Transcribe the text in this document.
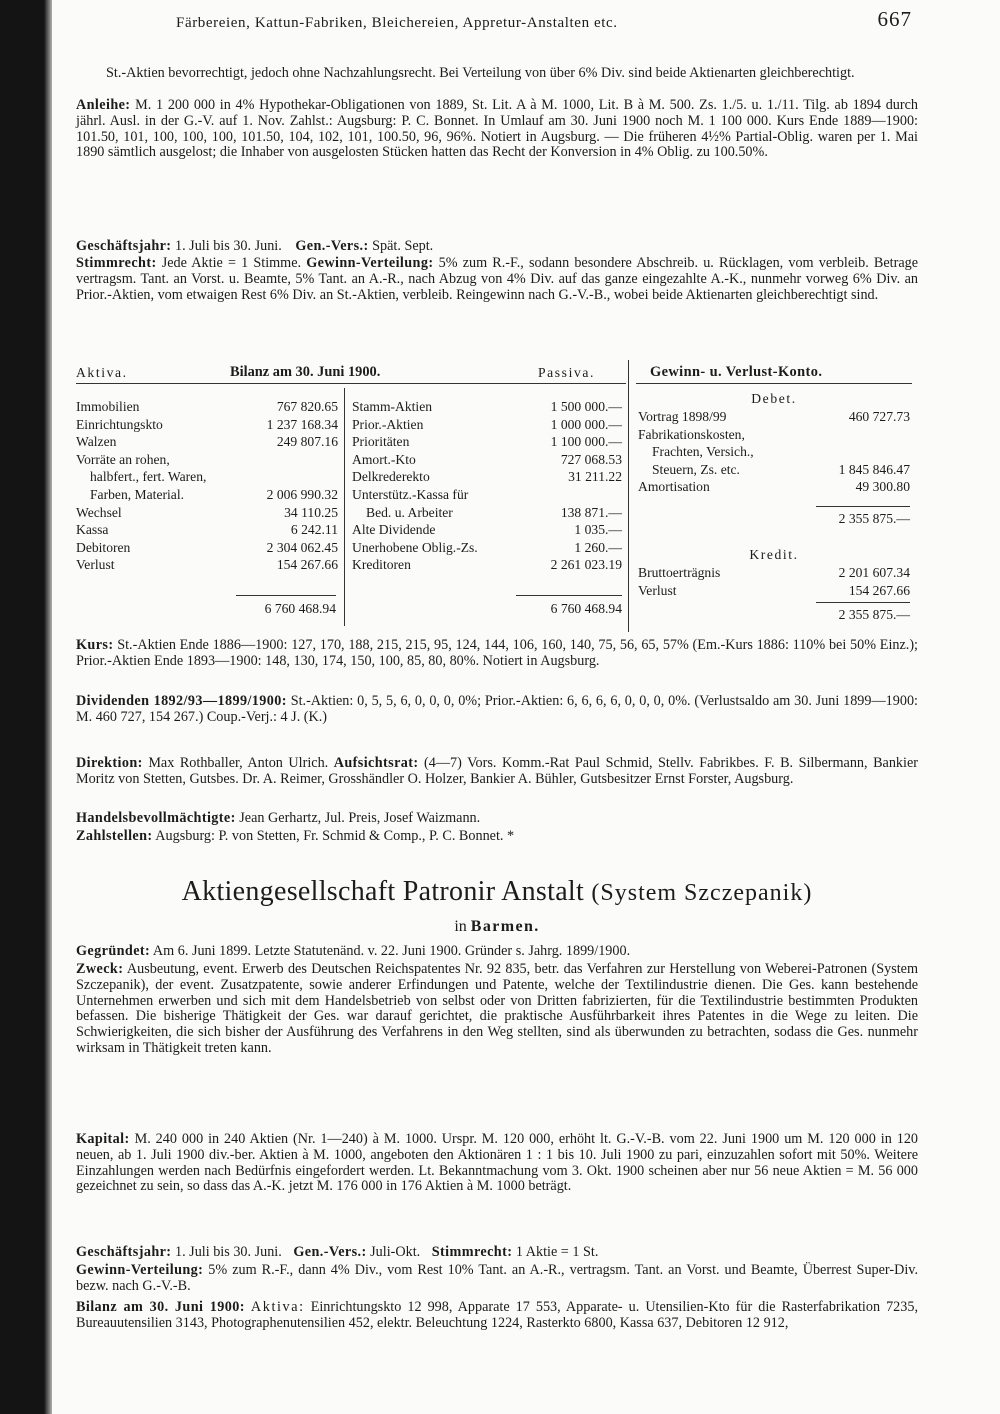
Färbereien, Kattun-Fabriken, Bleichereien, Appretur-Anstalten etc.	667

St.-Aktien bevorrechtigt, jedoch ohne Nachzahlungsrecht. Bei Verteilung von über 6% Div. sind beide Aktienarten gleichberechtigt.

Anleihe: M. 1 200 000 in 4% Hypothekar-Obligationen von 1889, St. Lit. A à M. 1000, Lit. B à M. 500. Zs. 1./5. u. 1./11. Tilg. ab 1894 durch jährl. Ausl. in der G.-V. auf 1. Nov. Zahlst.: Augsburg: P. C. Bonnet. In Umlauf am 30. Juni 1900 noch M. 1 100 000. Kurs Ende 1889—1900: 101.50, 101, 100, 100, 100, 101.50, 104, 102, 101, 100.50, 96, 96%. Notiert in Augsburg. — Die früheren 4½% Partial-Oblig. waren per 1. Mai 1890 sämtlich ausgelost; die Inhaber von ausgelosten Stücken hatten das Recht der Konversion in 4% Oblig. zu 100.50%.

Geschäftsjahr: 1. Juli bis 30. Juni. Gen.-Vers.: Spät. Sept.

Stimmrecht: Jede Aktie = 1 Stimme. Gewinn-Verteilung: 5% zum R.-F., sodann besondere Abschreib. u. Rücklagen, vom verbleib. Betrage vertragsm. Tant. an Vorst. u. Beamte, 5% Tant. an A.-R., nach Abzug von 4% Div. auf das ganze eingezahlte A.-K., nunmehr vorweg 6% Div. an Prior.-Aktien, vom etwaigen Rest 6% Div. an St.-Aktien, verbleib. Reingewinn nach G.-V.-B., wobei beide Aktienarten gleichberechtigt sind.

Aktiva.	Bilanz am 30. Juni 1900.	Passiva.	Gewinn- u. Verlust-Konto.
Immobilien	767 820.65
Einrichtungskto	1 237 168.34
Walzen	249 807.16
Vorräte an rohen,
halbfert., fert. Waren,
Farben, Material.	2 006 990.32
Wechsel	34 110.25
Kassa	6 242.11
Debitoren	2 304 062.45
Verlust	154 267.66
Stamm-Aktien	1 500 000.—
Prior.-Aktien	1 000 000.—
Prioritäten	1 100 000.—
Amort.-Kto	727 068.53
Delkrederekto	31 211.22
Unterstütz.-Kassa für
Bed. u. Arbeiter	138 871.—
Alte Dividende	1 035.—
Unerhobene Oblig.-Zs.	1 260.—
Kreditoren	2 261 023.19
6 760 468.94	6 760 468.94
Debet.
Vortrag 1898/99	460 727.73
Fabrikationskosten,
Frachten, Versich.,
Steuern, Zs. etc.	1 845 846.47
Amortisation	49 300.80
2 355 875.—
Kredit.
Bruttoerträgnis	2 201 607.34
Verlust	154 267.66
2 355 875.—

Kurs: St.-Aktien Ende 1886—1900: 127, 170, 188, 215, 215, 95, 124, 144, 106, 160, 140, 75, 56, 65, 57% (Em.-Kurs 1886: 110% bei 50% Einz.); Prior.-Aktien Ende 1893—1900: 148, 130, 174, 150, 100, 85, 80, 80%. Notiert in Augsburg.

Dividenden 1892/93—1899/1900: St.-Aktien: 0, 5, 5, 6, 0, 0, 0, 0%; Prior.-Aktien: 6, 6, 6, 6, 0, 0, 0, 0%. (Verlustsaldo am 30. Juni 1899—1900: M. 460 727, 154 267.) Coup.-Verj.: 4 J. (K.)

Direktion: Max Rothballer, Anton Ulrich. Aufsichtsrat: (4—7) Vors. Komm.-Rat Paul Schmid, Stellv. Fabrikbes. F. B. Silbermann, Bankier Moritz von Stetten, Gutsbes. Dr. A. Reimer, Grosshändler O. Holzer, Bankier A. Bühler, Gutsbesitzer Ernst Forster, Augsburg.

Handelsbevollmächtigte: Jean Gerhartz, Jul. Preis, Josef Waizmann.

Zahlstellen: Augsburg: P. von Stetten, Fr. Schmid & Comp., P. C. Bonnet. *

Aktiengesellschaft Patronir Anstalt (System Szczepanik)
in Barmen.

Gegründet: Am 6. Juni 1899. Letzte Statutenänd. v. 22. Juni 1900. Gründer s. Jahrg. 1899/1900.

Zweck: Ausbeutung, event. Erwerb des Deutschen Reichspatentes Nr. 92 835, betr. das Verfahren zur Herstellung von Weberei-Patronen (System Szczepanik), der event. Zusatzpatente, sowie anderer Erfindungen und Patente, welche der Textilindustrie dienen. Die Ges. kann bestehende Unternehmen erwerben und sich mit dem Handelsbetrieb von selbst oder von Dritten fabrizierten, für die Textilindustrie bestimmten Produkten befassen. Die bisherige Thätigkeit der Ges. war darauf gerichtet, die praktische Ausführbarkeit ihres Patentes in die Wege zu leiten. Die Schwierigkeiten, die sich bisher der Ausführung des Verfahrens in den Weg stellten, sind als überwunden zu betrachten, sodass die Ges. nunmehr wirksam in Thätigkeit treten kann.

Kapital: M. 240 000 in 240 Aktien (Nr. 1—240) à M. 1000. Urspr. M. 120 000, erhöht lt. G.-V.-B. vom 22. Juni 1900 um M. 120 000 in 120 neuen, ab 1. Juli 1900 div.-ber. Aktien à M. 1000, angeboten den Aktionären 1 : 1 bis 10. Juli 1900 zu pari, einzuzahlen sofort mit 50%. Weitere Einzahlungen werden nach Bedürfnis eingefordert werden. Lt. Bekanntmachung vom 3. Okt. 1900 scheinen aber nur 56 neue Aktien = M. 56 000 gezeichnet zu sein, so dass das A.-K. jetzt M. 176 000 in 176 Aktien à M. 1000 beträgt.

Geschäftsjahr: 1. Juli bis 30. Juni. Gen.-Vers.: Juli-Okt. Stimmrecht: 1 Aktie = 1 St.

Gewinn-Verteilung: 5% zum R.-F., dann 4% Div., vom Rest 10% Tant. an A.-R., vertragsm. Tant. an Vorst. und Beamte, Überrest Super-Div. bezw. nach G.-V.-B.

Bilanz am 30. Juni 1900: Aktiva: Einrichtungskto 12 998, Apparate 17 553, Apparate- u. Utensilien-Kto für die Rasterfabrikation 7235, Bureauutensilien 3143, Photographenutensilien 452, elektr. Beleuchtung 1224, Rasterkto 6800, Kassa 637, Debitoren 12 912,
